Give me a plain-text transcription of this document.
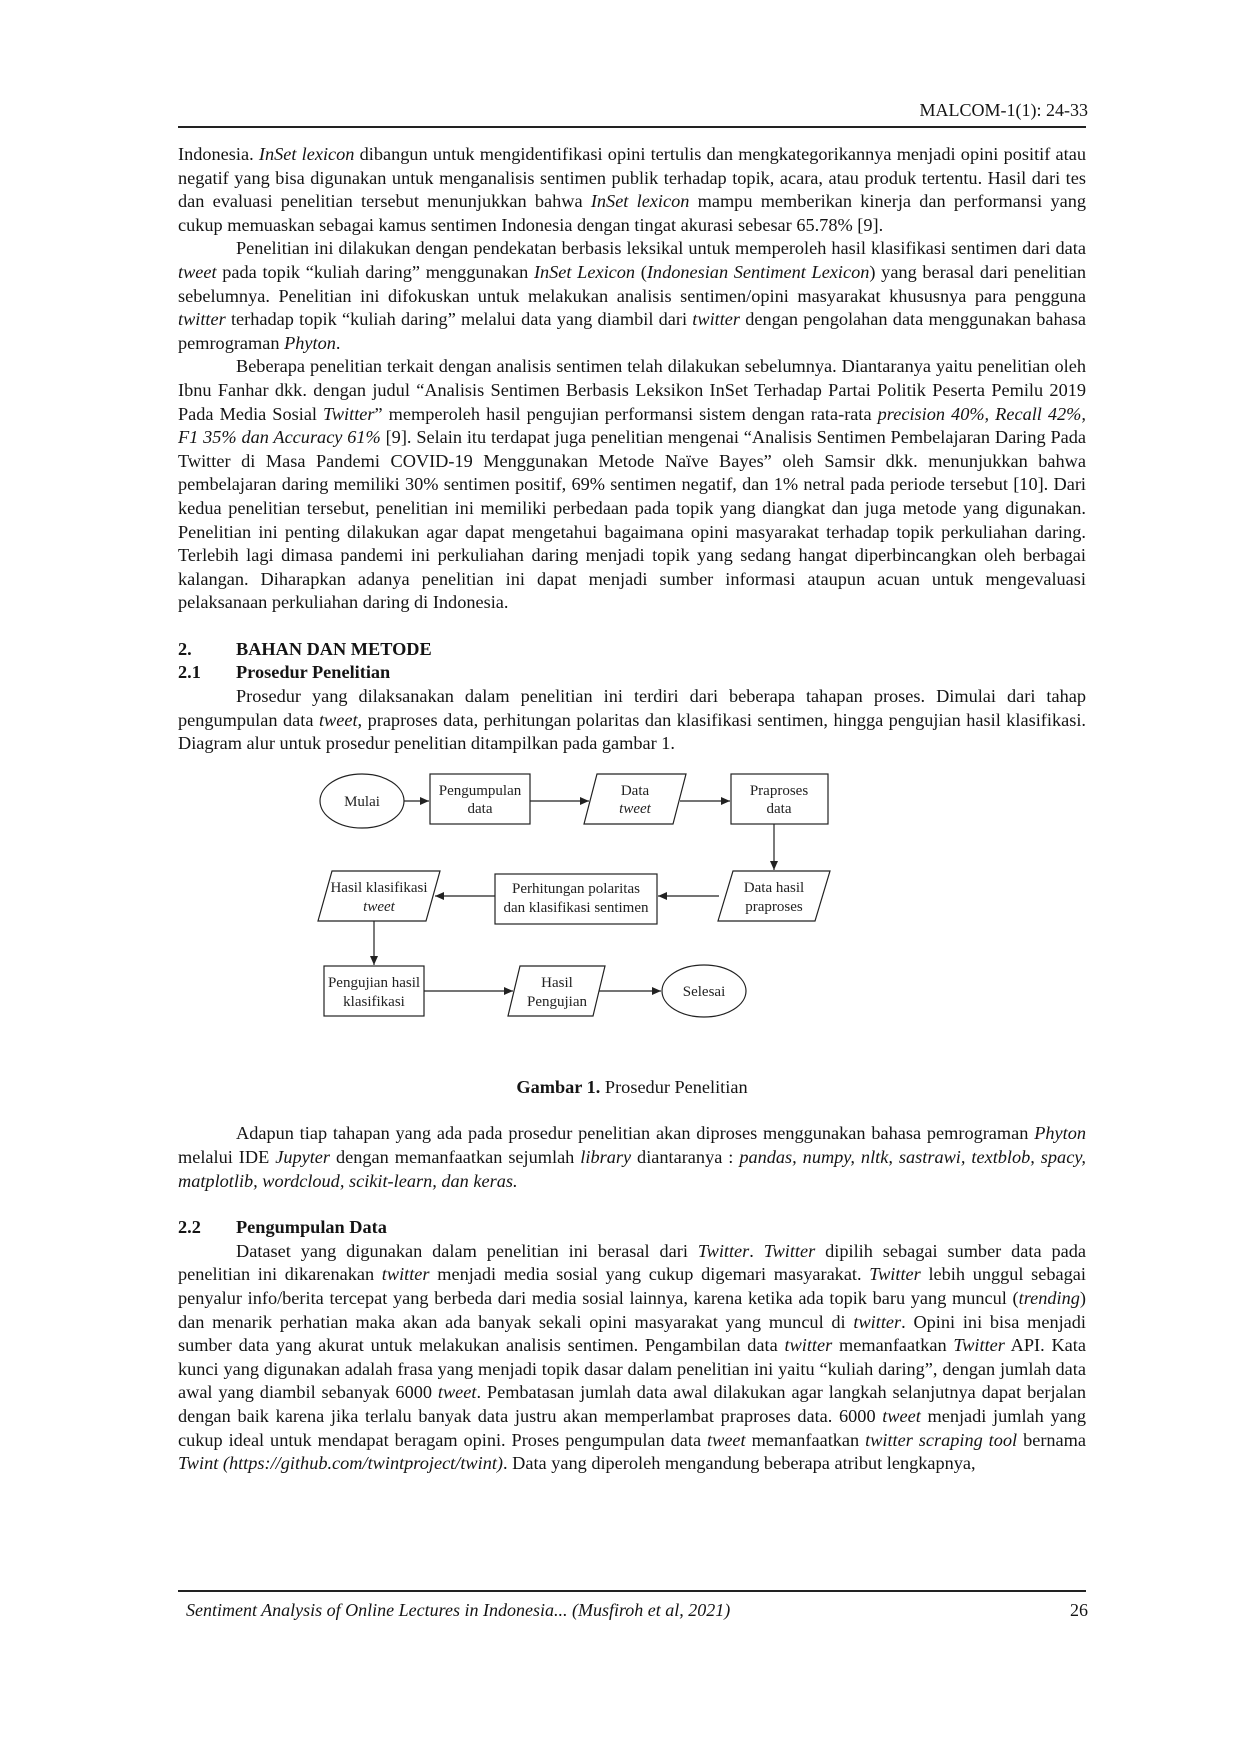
MALCOM-1(1): 24-33

Indonesia. InSet lexicon dibangun untuk mengidentifikasi opini tertulis dan mengkategorikannya menjadi opini positif atau negatif yang bisa digunakan untuk menganalisis sentimen publik terhadap topik, acara, atau produk tertentu. Hasil dari tes dan evaluasi penelitian tersebut menunjukkan bahwa InSet lexicon mampu memberikan kinerja dan performansi yang cukup memuaskan sebagai kamus sentimen Indonesia dengan tingat akurasi sebesar 65.78% [9].

Penelitian ini dilakukan dengan pendekatan berbasis leksikal untuk memperoleh hasil klasifikasi sentimen dari data tweet pada topik “kuliah daring” menggunakan InSet Lexicon (Indonesian Sentiment Lexicon) yang berasal dari penelitian sebelumnya. Penelitian ini difokuskan untuk melakukan analisis sentimen/opini masyarakat khususnya para pengguna twitter terhadap topik “kuliah daring” melalui data yang diambil dari twitter dengan pengolahan data menggunakan bahasa pemrograman Phyton.

Beberapa penelitian terkait dengan analisis sentimen telah dilakukan sebelumnya. Diantaranya yaitu penelitian oleh Ibnu Fanhar dkk. dengan judul “Analisis Sentimen Berbasis Leksikon InSet Terhadap Partai Politik Peserta Pemilu 2019 Pada Media Sosial Twitter” memperoleh hasil pengujian performansi sistem dengan rata-rata precision 40%, Recall 42%, F1 35% dan Accuracy 61% [9]. Selain itu terdapat juga penelitian mengenai “Analisis Sentimen Pembelajaran Daring Pada Twitter di Masa Pandemi COVID-19 Menggunakan Metode Naïve Bayes” oleh Samsir dkk. menunjukkan bahwa pembelajaran daring memiliki 30% sentimen positif, 69% sentimen negatif, dan 1% netral pada periode tersebut [10]. Dari kedua penelitian tersebut, penelitian ini memiliki perbedaan pada topik yang diangkat dan juga metode yang digunakan. Penelitian ini penting dilakukan agar dapat mengetahui bagaimana opini masyarakat terhadap topik perkuliahan daring. Terlebih lagi dimasa pandemi ini perkuliahan daring menjadi topik yang sedang hangat diperbincangkan oleh berbagai kalangan. Diharapkan adanya penelitian ini dapat menjadi sumber informasi ataupun acuan untuk mengevaluasi pelaksanaan perkuliahan daring di Indonesia.

2.	BAHAN DAN METODE
2.1	Prosedur Penelitian

Prosedur yang dilaksanakan dalam penelitian ini terdiri dari beberapa tahapan proses. Dimulai dari tahap pengumpulan data tweet, praproses data, perhitungan polaritas dan klasifikasi sentimen, hingga pengujian hasil klasifikasi. Diagram alur untuk prosedur penelitian ditampilkan pada gambar 1.

Mulai
Pengumpulan
data
Data
tweet
Praproses
data
Data hasil
praproses
Perhitungan polaritas
dan klasifikasi sentimen
Hasil klasifikasi
tweet
Pengujian hasil
klasifikasi
Hasil
Pengujian
Selesai

Gambar 1. Prosedur Penelitian

Adapun tiap tahapan yang ada pada prosedur penelitian akan diproses menggunakan bahasa pemrograman Phyton melalui IDE Jupyter dengan memanfaatkan sejumlah library diantaranya : pandas, numpy, nltk, sastrawi, textblob, spacy, matplotlib, wordcloud, scikit-learn, dan keras.

2.2	Pengumpulan Data

Dataset yang digunakan dalam penelitian ini berasal dari Twitter. Twitter dipilih sebagai sumber data pada penelitian ini dikarenakan twitter menjadi media sosial yang cukup digemari masyarakat. Twitter lebih unggul sebagai penyalur info/berita tercepat yang berbeda dari media sosial lainnya, karena ketika ada topik baru yang muncul (trending) dan menarik perhatian maka akan ada banyak sekali opini masyarakat yang muncul di twitter. Opini ini bisa menjadi sumber data yang akurat untuk melakukan analisis sentimen. Pengambilan data twitter memanfaatkan Twitter API. Kata kunci yang digunakan adalah frasa yang menjadi topik dasar dalam penelitian ini yaitu “kuliah daring”, dengan jumlah data awal yang diambil sebanyak 6000 tweet. Pembatasan jumlah data awal dilakukan agar langkah selanjutnya dapat berjalan dengan baik karena jika terlalu banyak data justru akan memperlambat praproses data. 6000 tweet menjadi jumlah yang cukup ideal untuk mendapat beragam opini. Proses pengumpulan data tweet memanfaatkan twitter scraping tool bernama Twint (https://github.com/twintproject/twint). Data yang diperoleh mengandung beberapa atribut lengkapnya,

Sentiment Analysis of Online Lectures in Indonesia... (Musfiroh et al, 2021)	26
